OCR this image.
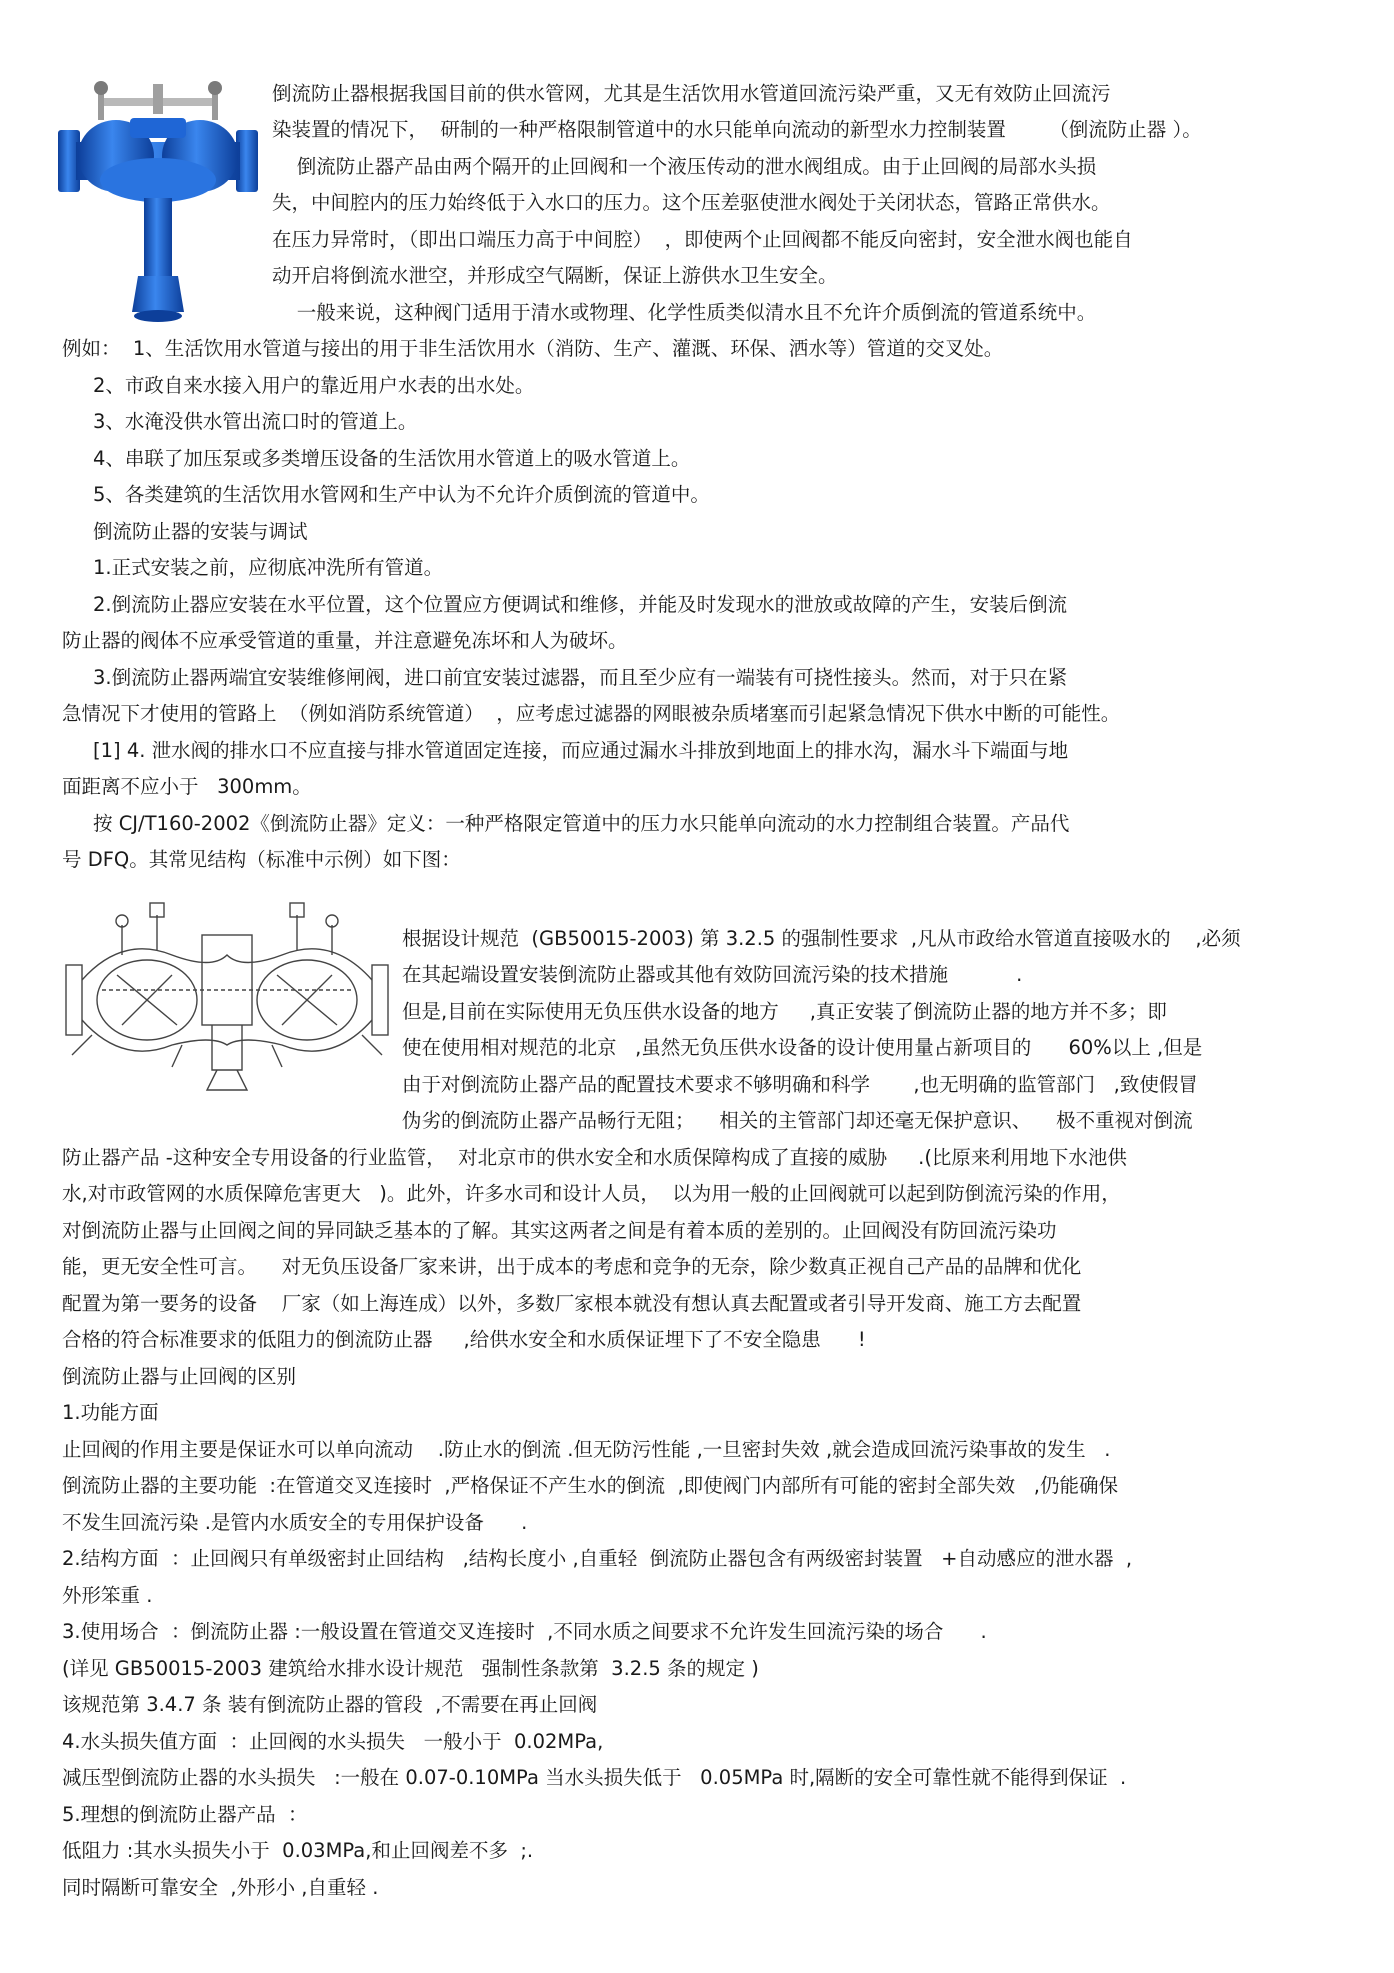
倒流防止器根据我国目前的供水管网，尤其是生活饮用水管道回流污染严重，又无有效防止回流污
染装置的情况下，  研制的一种严格限制管道中的水只能单向流动的新型水力控制装置       （倒流防止器 ）。
倒流防止器产品由两个隔开的止回阀和一个液压传动的泄水阀组成。由于止回阀的局部水头损
失，中间腔内的压力始终低于入水口的压力。这个压差驱使泄水阀处于关闭状态，管路正常供水。
在压力异常时，（即出口端压力高于中间腔）  ，即使两个止回阀都不能反向密封，安全泄水阀也能自
动开启将倒流水泄空，并形成空气隔断，保证上游供水卫生安全。
一般来说，这种阀门适用于清水或物理、化学性质类似清水且不允许介质倒流的管道系统中。
例如：  1、生活饮用水管道与接出的用于非生活饮用水（消防、生产、灌溉、环保、洒水等）管道的交叉处。
2、市政自来水接入用户的靠近用户水表的出水处。
3、水淹没供水管出流口时的管道上。
4、串联了加压泵或多类增压设备的生活饮用水管道上的吸水管道上。
5、各类建筑的生活饮用水管网和生产中认为不允许介质倒流的管道中。
倒流防止器的安装与调试
1.正式安装之前，应彻底冲洗所有管道。
2.倒流防止器应安装在水平位置，这个位置应方便调试和维修，并能及时发现水的泄放或故障的产生，安装后倒流
防止器的阀体不应承受管道的重量，并注意避免冻坏和人为破坏。
3.倒流防止器两端宜安装维修闸阀，进口前宜安装过滤器，而且至少应有一端装有可挠性接头。然而，对于只在紧
急情况下才使用的管路上  （例如消防系统管道）  ，应考虑过滤器的网眼被杂质堵塞而引起紧急情况下供水中断的可能性。
[1] 4. 泄水阀的排水口不应直接与排水管道固定连接，而应通过漏水斗排放到地面上的排水沟，漏水斗下端面与地
面距离不应小于   300mm。
按 CJ/T160-2002《倒流防止器》定义：一种严格限定管道中的压力水只能单向流动的水力控制组合装置。产品代
号 DFQ。其常见结构（标准中示例）如下图：
根据设计规范  (GB50015-2003) 第 3.2.5 的强制性要求  ,凡从市政给水管道直接吸水的    ,必须
在其起端设置安装倒流防止器或其他有效防回流污染的技术措施           .
但是,目前在实际使用无负压供水设备的地方     ,真正安装了倒流防止器的地方并不多；即
使在使用相对规范的北京   ,虽然无负压供水设备的设计使用量占新项目的      60%以上 ,但是
由于对倒流防止器产品的配置技术要求不够明确和科学       ,也无明确的监管部门   ,致使假冒
伪劣的倒流防止器产品畅行无阻；    相关的主管部门却还毫无保护意识、    极不重视对倒流
防止器产品 -这种安全专用设备的行业监管，  对北京市的供水安全和水质保障构成了直接的威胁     .(比原来利用地下水池供
水,对市政管网的水质保障危害更大   )。此外，许多水司和设计人员，  以为用一般的止回阀就可以起到防倒流污染的作用，
对倒流防止器与止回阀之间的异同缺乏基本的了解。其实这两者之间是有着本质的差别的。止回阀没有防回流污染功
能，更无安全性可言。    对无负压设备厂家来讲，出于成本的考虑和竞争的无奈，除少数真正视自己产品的品牌和优化
配置为第一要务的设备    厂家（如上海连成）以外，多数厂家根本就没有想认真去配置或者引导开发商、施工方去配置
合格的符合标准要求的低阻力的倒流防止器     ,给供水安全和水质保证埋下了不安全隐患      !
倒流防止器与止回阀的区别
1.功能方面
止回阀的作用主要是保证水可以单向流动    .防止水的倒流 .但无防污性能 ,一旦密封失效 ,就会造成回流污染事故的发生   .
倒流防止器的主要功能  :在管道交叉连接时  ,严格保证不产生水的倒流  ,即使阀门内部所有可能的密封全部失效   ,仍能确保
不发生回流污染 .是管内水质安全的专用保护设备      .
2.结构方面  ：止回阀只有单级密封止回结构   ,结构长度小 ,自重轻  倒流防止器包含有两级密封装置   +自动感应的泄水器  ,
外形笨重 .
3.使用场合  ：倒流防止器 :一般设置在管道交叉连接时  ,不同水质之间要求不允许发生回流污染的场合      .
(详见 GB50015-2003 建筑给水排水设计规范   强制性条款第  3.2.5 条的规定 )
该规范第 3.4.7 条 装有倒流防止器的管段  ,不需要在再止回阀
4.水头损失值方面  ：止回阀的水头损失   一般小于  0.02MPa,
减压型倒流防止器的水头损失   :一般在 0.07-0.10MPa 当水头损失低于   0.05MPa 时,隔断的安全可靠性就不能得到保证  .
5.理想的倒流防止器产品  ：
低阻力 :其水头损失小于  0.03MPa,和止回阀差不多  ;.
同时隔断可靠安全  ,外形小 ,自重轻 .
